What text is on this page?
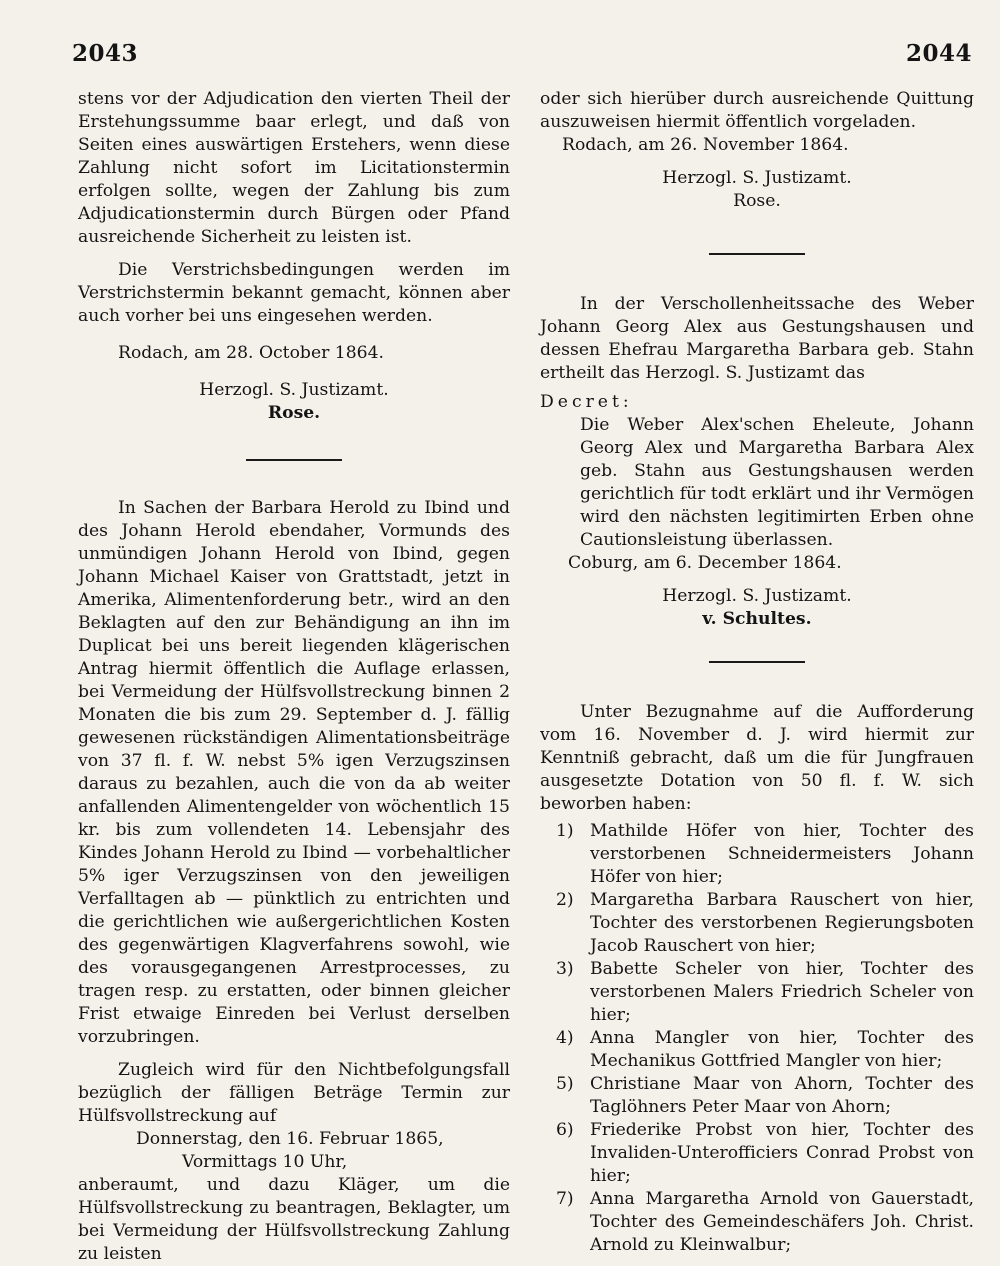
2043	2044

stens vor der Adjudication den vierten Theil der Erstehungssumme baar erlegt, und daß von Seiten eines auswärtigen Erstehers, wenn diese Zahlung nicht sofort im Licitationstermin erfolgen sollte, wegen der Zahlung bis zum Adjudicationstermin durch Bürgen oder Pfand ausreichende Sicherheit zu leisten ist.

Die Verstrichsbedingungen werden im Verstrichstermin bekannt gemacht, können aber auch vorher bei uns eingesehen werden.

Rodach, am 28. October 1864.

Herzogl. S. Justizamt.

Rose.

In Sachen der Barbara Herold zu Ibind und des Johann Herold ebendaher, Vormunds des unmündigen Johann Herold von Ibind, gegen Johann Michael Kaiser von Grattstadt, jetzt in Amerika, Alimentenforderung betr., wird an den Beklagten auf den zur Behändigung an ihn im Duplicat bei uns bereit liegenden klägerischen Antrag hiermit öffentlich die Auflage erlassen, bei Vermeidung der Hülfsvollstreckung binnen 2 Monaten die bis zum 29. September d. J. fällig gewesenen rückständigen Alimentationsbeiträge von 37 fl. f. W. nebst 5% igen Verzugszinsen daraus zu bezahlen, auch die von da ab weiter anfallenden Alimentengelder von wöchentlich 15 kr. bis zum vollendeten 14. Lebensjahr des Kindes Johann Herold zu Ibind — vorbehaltlicher 5% iger Verzugszinsen von den jeweiligen Verfalltagen ab — pünktlich zu entrichten und die gerichtlichen wie außergerichtlichen Kosten des gegenwärtigen Klagverfahrens sowohl, wie des vorausgegangenen Arrestprocesses, zu tragen resp. zu erstatten, oder binnen gleicher Frist etwaige Einreden bei Verlust derselben vorzubringen.

Zugleich wird für den Nichtbefolgungsfall bezüglich der fälligen Beträge Termin zur Hülfsvollstreckung auf

Donnerstag, den 16. Februar 1865,

Vormittags 10 Uhr,

anberaumt, und dazu Kläger, um die Hülfsvollstreckung zu beantragen, Beklagter, um bei Vermeidung der Hülfsvollstreckung Zahlung zu leisten

oder sich hierüber durch ausreichende Quittung auszuweisen hiermit öffentlich vorgeladen.

Rodach, am 26. November 1864.

Herzogl. S. Justizamt.

Rose.

In der Verschollenheitssache des Weber Johann Georg Alex aus Gestungshausen und dessen Ehefrau Margaretha Barbara geb. Stahn ertheilt das Herzogl. S. Justizamt das

Decret:

Die Weber Alex'schen Eheleute, Johann Georg Alex und Margaretha Barbara Alex geb. Stahn aus Gestungshausen werden gerichtlich für todt erklärt und ihr Vermögen wird den nächsten legitimirten Erben ohne Cautionsleistung überlassen.

Coburg, am 6. December 1864.

Herzogl. S. Justizamt.

v. Schultes.

Unter Bezugnahme auf die Aufforderung vom 16. November d. J. wird hiermit zur Kenntniß gebracht, daß um die für Jungfrauen ausgesetzte Dotation von 50 fl. f. W. sich beworben haben:

1) Mathilde Höfer von hier, Tochter des verstorbenen Schneidermeisters Johann Höfer von hier;
2) Margaretha Barbara Rauschert von hier, Tochter des verstorbenen Regierungsboten Jacob Rauschert von hier;
3) Babette Scheler von hier, Tochter des verstorbenen Malers Friedrich Scheler von hier;
4) Anna Mangler von hier, Tochter des Mechanikus Gottfried Mangler von hier;
5) Christiane Maar von Ahorn, Tochter des Taglöhners Peter Maar von Ahorn;
6) Friederike Probst von hier, Tochter des Invaliden-Unterofficiers Conrad Probst von hier;
7) Anna Margaretha Arnold von Gauerstadt, Tochter des Gemeindeschäfers Joh. Christ. Arnold zu Kleinwalbur;
